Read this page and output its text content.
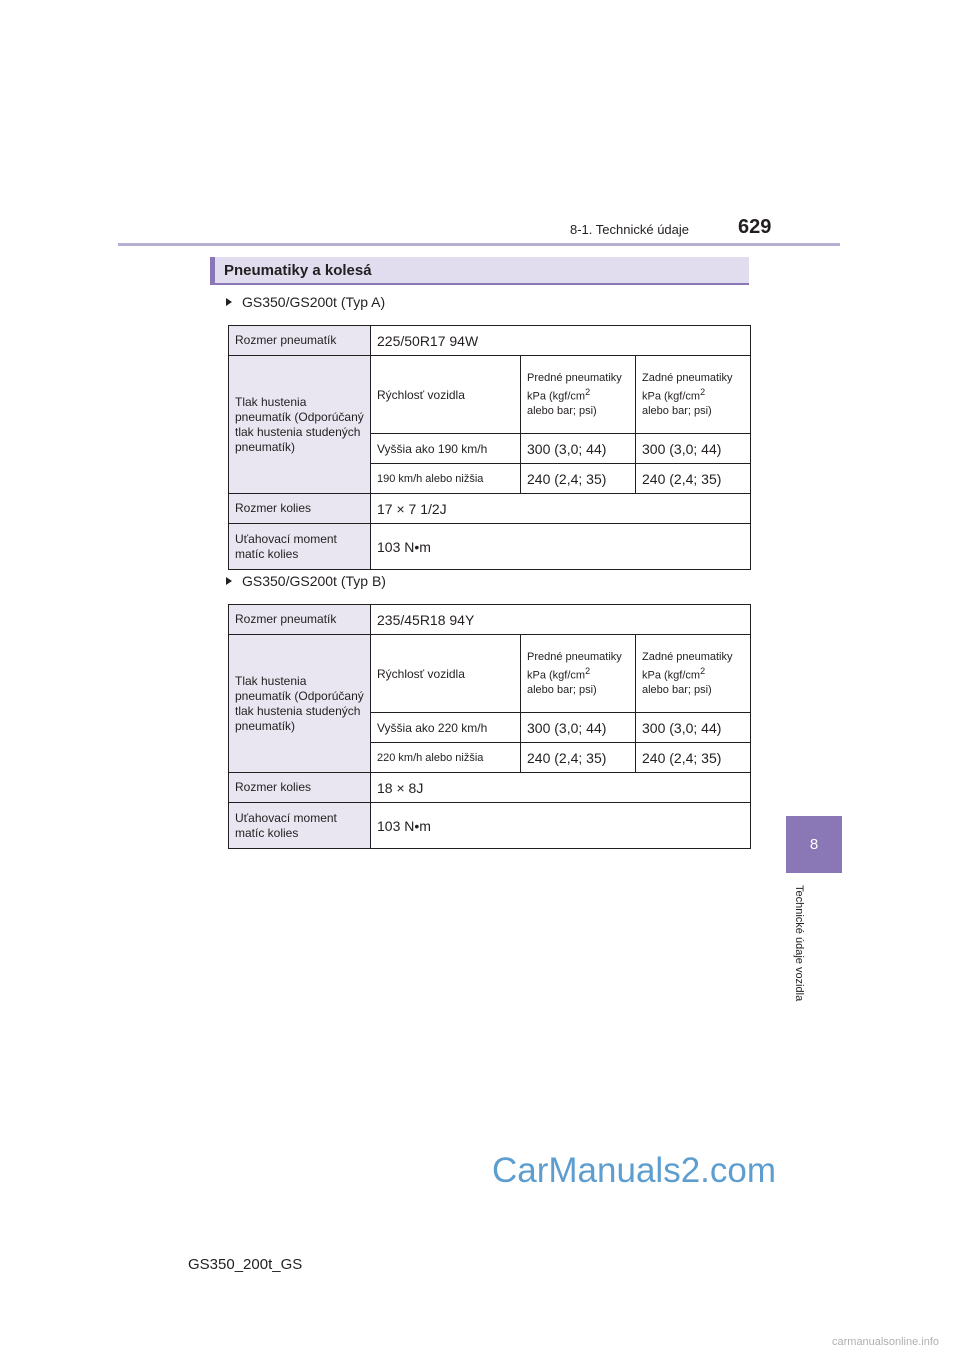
8-1. Technické údaje 629
8
Technické údaje vozidla
Pneumatiky a kolesá
GS350/GS200t (Typ A)
Rozmer pneumatík	225/50R17 94W		
Tlak hustenia pneumatík (Odporúčaný tlak hustenia studených pneumatík)	Rýchlosť vozidla	Predné pneumatiky kPa ($kgf/cm^2$
alebo bar; psi)	Zadné pneumatiky kPa ($kgf/cm^2$
alebo bar; psi)
	Vyššia ako 190 km/h	300 (3,0; 44)	300 (3,0; 44)
	190 km/h alebo nižšia	240 (2,4; 35)	240 (2,4; 35)
Rozmer kolies	17 × 7 1/2J		
Uťahovací moment matíc kolies	103 N•m		
GS350/GS200t (Typ B)
Rozmer pneumatík	235/45R18 94Y		
Tlak hustenia pneumatík (Odporúčaný tlak hustenia studených pneumatík)	Rýchlosť vozidla	Predné pneumatiky kPa ($kgf/cm^2$
alebo bar; psi)	Zadné pneumatiky kPa ($kgf/cm^2$
alebo bar; psi)
	Vyššia ako 220 km/h	300 (3,0; 44)	300 (3,0; 44)
	220 km/h alebo nižšia	240 (2,4; 35)	240 (2,4; 35)
Rozmer kolies	18 × 8J		
Uťahovací moment matíc kolies	103 N•m		
CarManuals2.com
GS350_200t_GS
carmanualsonline.info
